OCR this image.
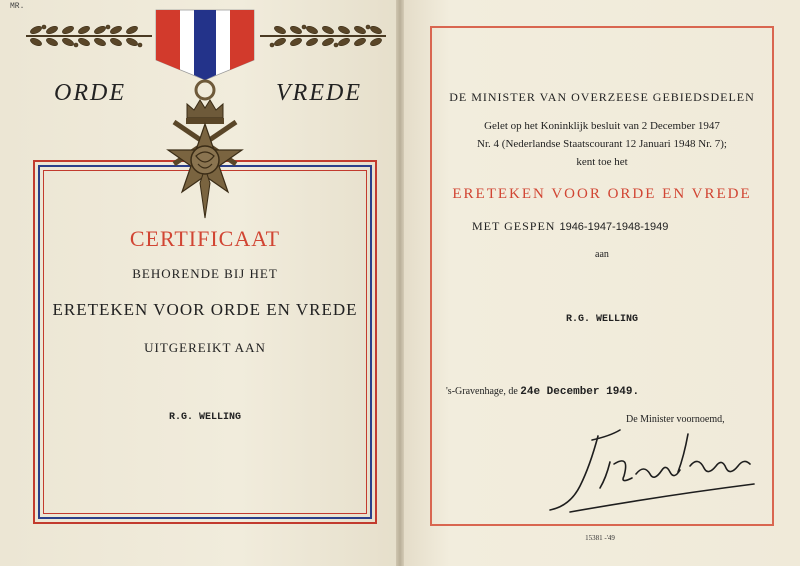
MR.
ORDE	VREDE
CERTIFICAAT
BEHORENDE BIJ HET
ERETEKEN VOOR ORDE EN VREDE
UITGEREIKT AAN
R.G. WELLING
DE MINISTER VAN OVERZEESE GEBIEDSDELEN
Gelet op het Koninklijk besluit van 2 December 1947
Nr. 4 (Nederlandse Staatscourant 12 Januari 1948 Nr. 7);
kent toe het
ERETEKEN VOOR ORDE EN VREDE
MET GESPEN 1946-1947-1948-1949
aan
R.G. WELLING
's-Gravenhage, de 24e December 1949.
De Minister voornoemd,
15381 -'49
